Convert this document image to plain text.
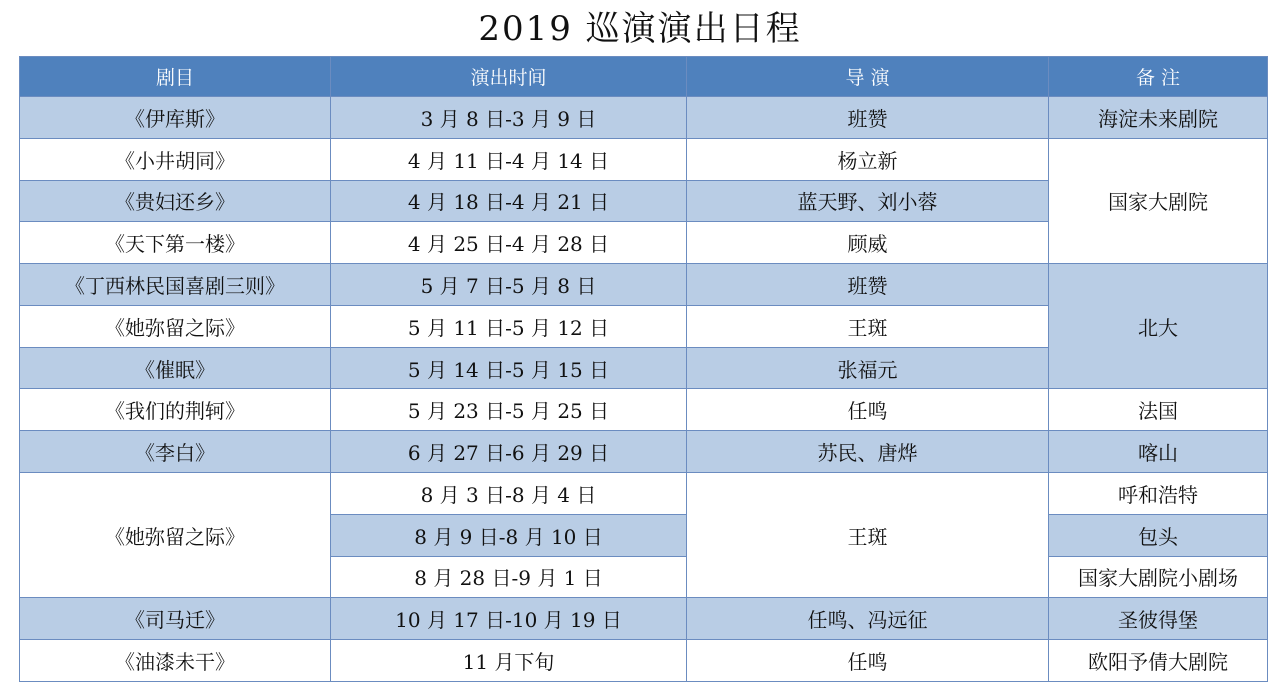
2019 巡演演出日程
剧目	演出时间	导 演	备 注
《伊库斯》	3 月 8 日-3 月 9 日	班赞	海淀未来剧院
《小井胡同》	4 月 11 日-4 月 14 日	杨立新	国家大剧院
《贵妇还乡》	4 月 18 日-4 月 21 日	蓝天野、刘小蓉	
《天下第一楼》	4 月 25 日-4 月 28 日	顾威	
《丁西林民国喜剧三则》	5 月 7 日-5 月 8 日	班赞	北大
《她弥留之际》	5 月 11 日-5 月 12 日	王斑	
《催眠》	5 月 14 日-5 月 15 日	张福元	
《我们的荆轲》	5 月 23 日-5 月 25 日	任鸣	法国
《李白》	6 月 27 日-6 月 29 日	苏民、唐烨	喀山
《她弥留之际》	8 月 3 日-8 月 4 日	王斑	呼和浩特
	8 月 9 日-8 月 10 日		包头
	8 月 28 日-9 月 1 日		国家大剧院小剧场
《司马迁》	10 月 17 日-10 月 19 日	任鸣、冯远征	圣彼得堡
《油漆未干》	11 月下旬	任鸣	欧阳予倩大剧院
